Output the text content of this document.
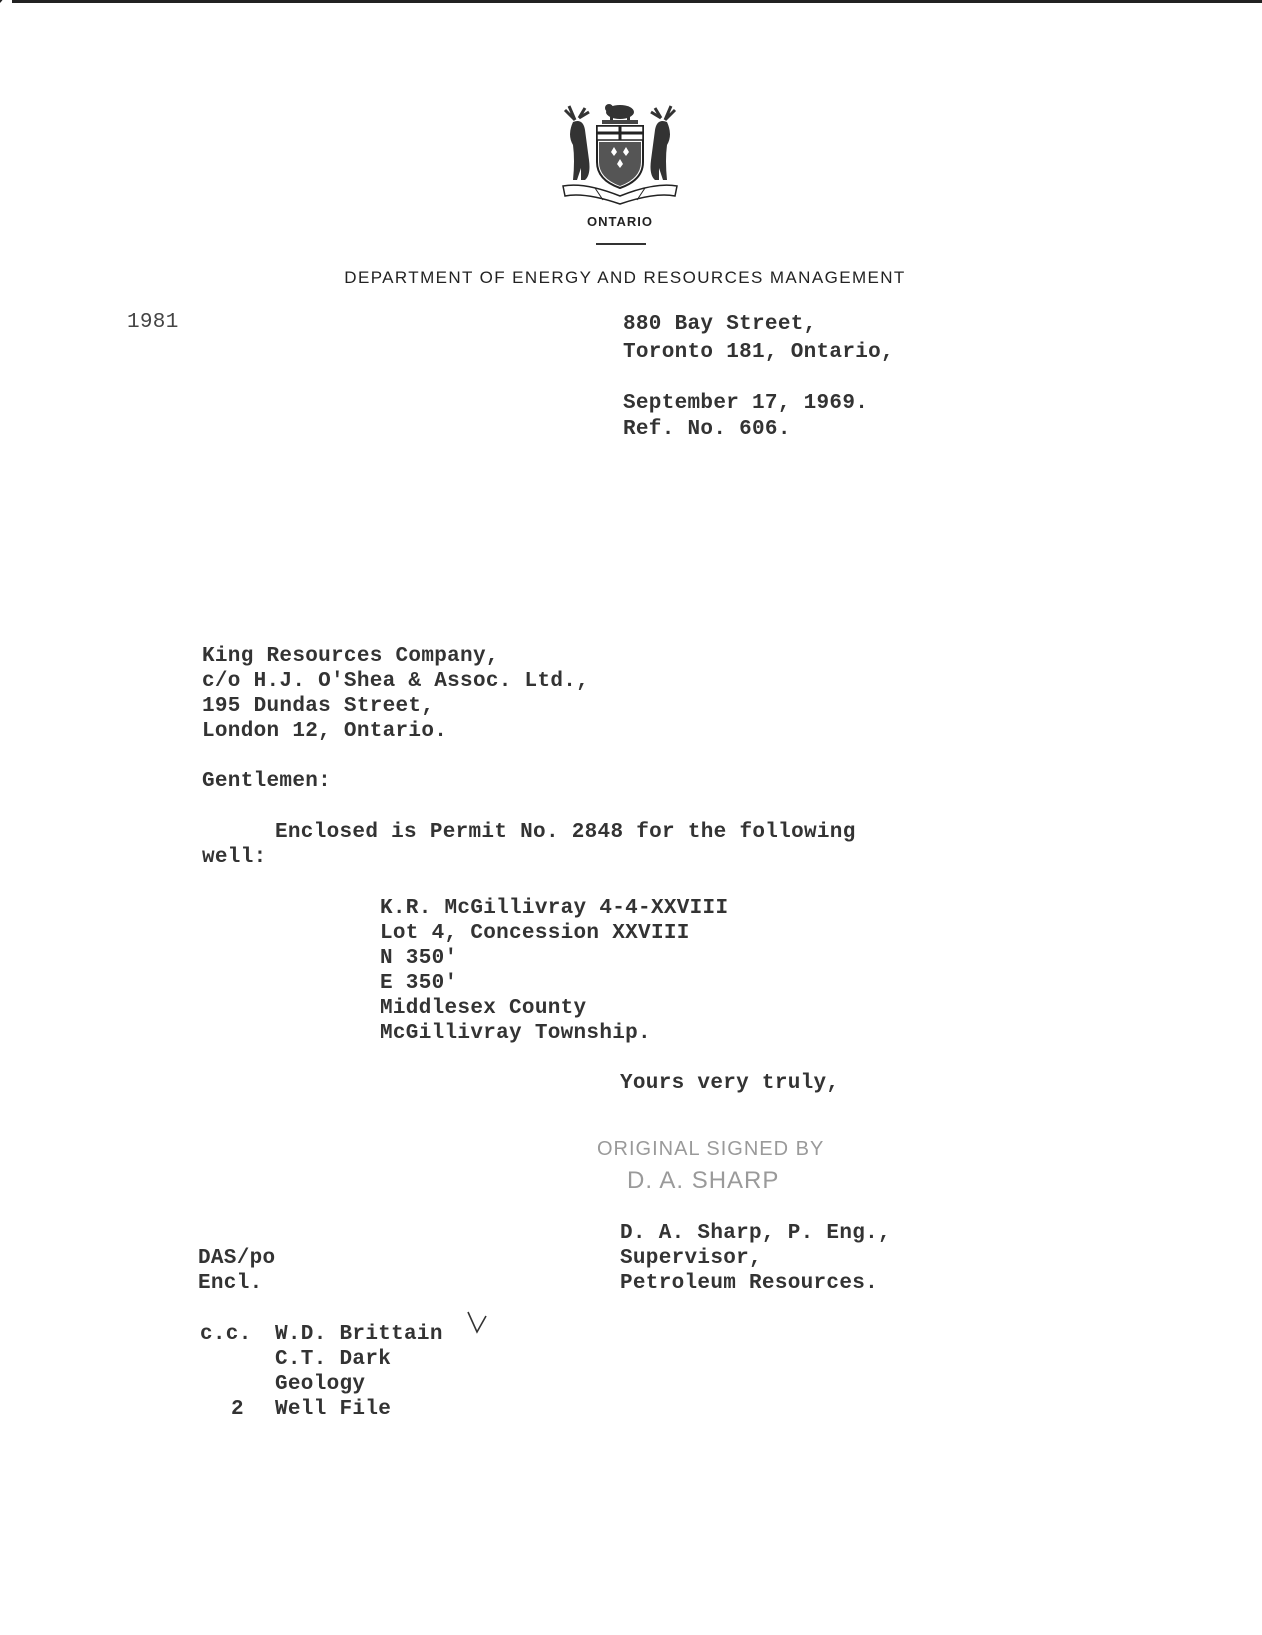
ONTARIO
DEPARTMENT OF ENERGY AND RESOURCES MANAGEMENT
1981	880 Bay Street,
Toronto 181, Ontario,
September 17, 1969.
Ref. No. 606.
King Resources Company,
c/o H.J. O'Shea & Assoc. Ltd.,
195 Dundas Street,
London 12, Ontario.
Gentlemen:
Enclosed is Permit No. 2848 for the following
well:
K.R. McGillivray 4-4-XXVIII
Lot 4, Concession XXVIII
N 350'
E 350'
Middlesex County
McGillivray Township.
Yours very truly,
ORIGINAL SIGNED BY
D. A. SHARP
D. A. Sharp, P. Eng.,
Supervisor,
Petroleum Resources.
DAS/po
Encl.
c.c. W.D. Brittain
C.T. Dark
Geology
2 Well File
